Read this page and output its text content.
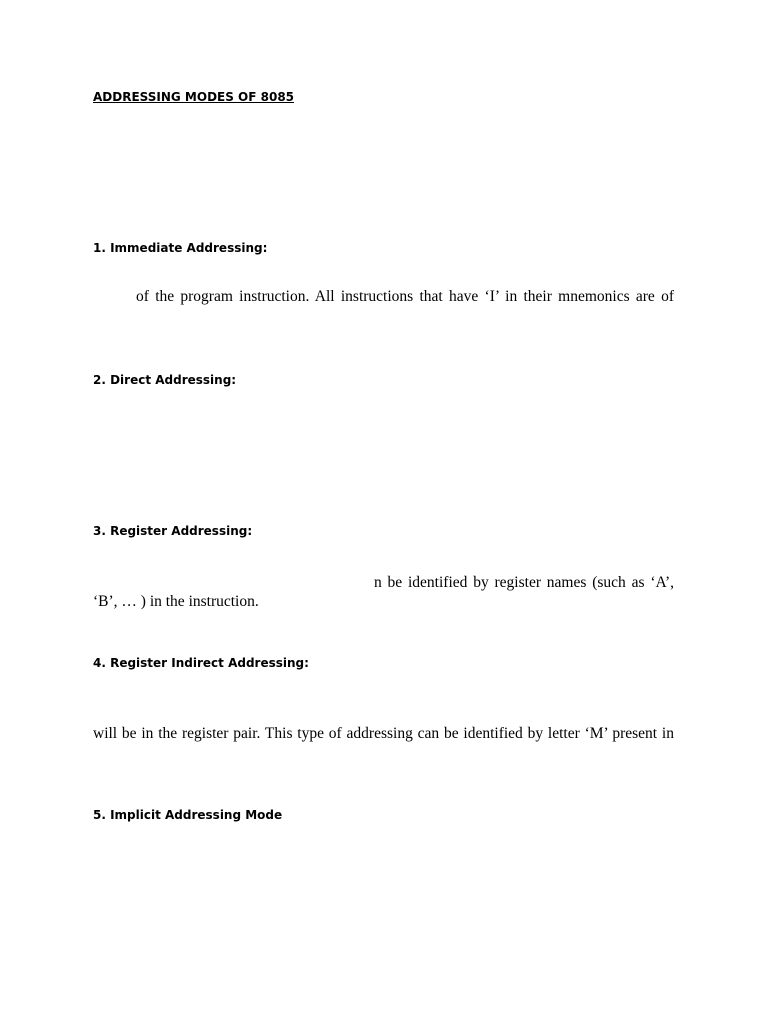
ADDRESSING MODES OF 8085
1. Immediate Addressing:
of the program instruction. All instructions that have ‘I’ in their mnemonics are of
2. Direct Addressing:
3. Register Addressing:
n be identified by register names (such as ‘A’,
‘B’, … ) in the instruction.
4. Register Indirect Addressing:
will be in the register pair. This type of addressing can be identified by letter ‘M’ present in
5. Implicit Addressing Mode
